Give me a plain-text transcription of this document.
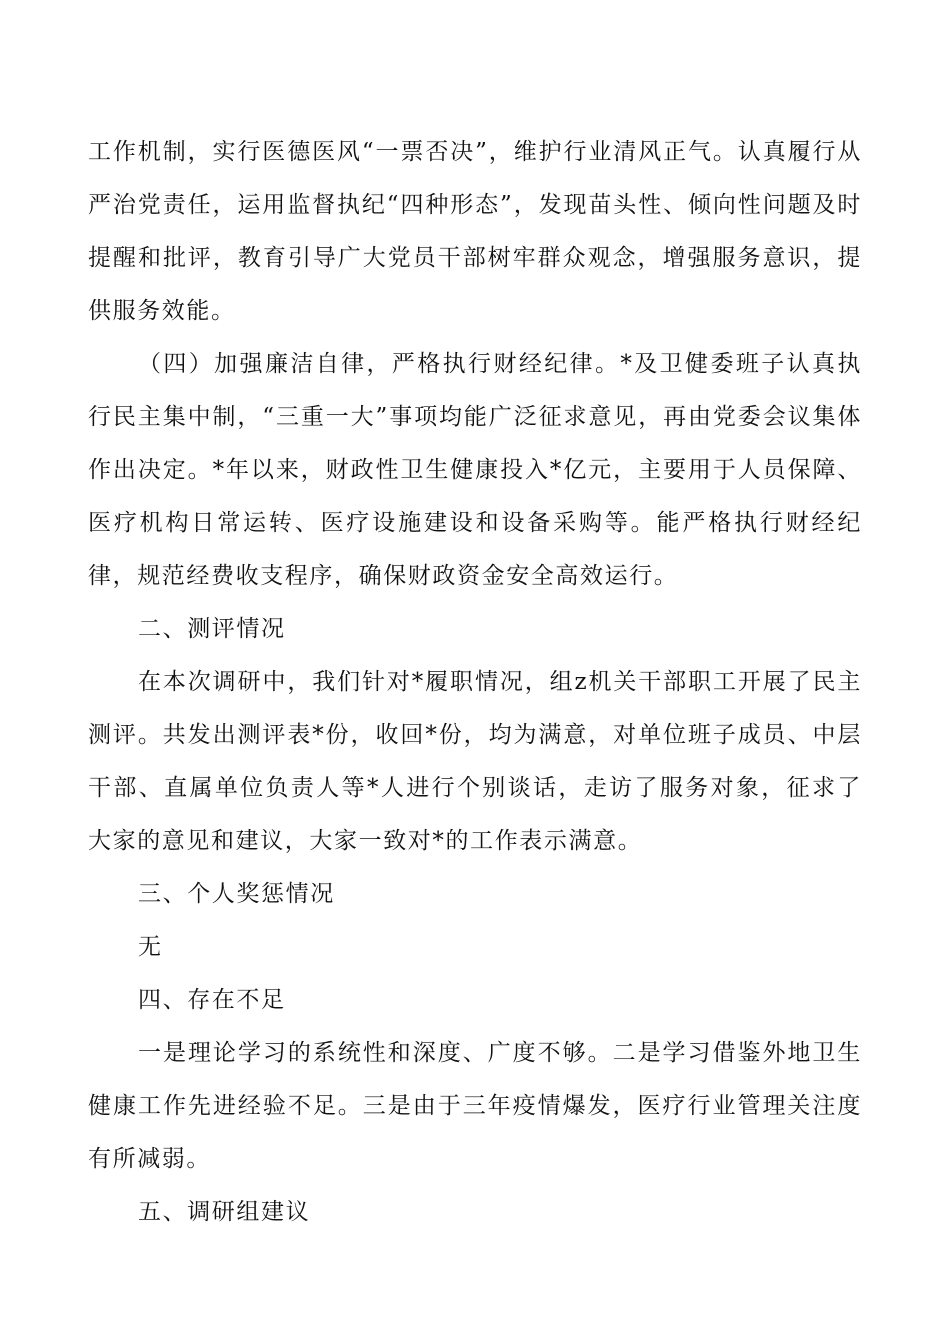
工作机制，实行医德医风“一票否决”，维护行业清风正气。认真履行从严治党责任，运用监督执纪“四种形态”，发现苗头性、倾向性问题及时提醒和批评，教育引导广大党员干部树牢群众观念，增强服务意识，提供服务效能。

（四）加强廉洁自律，严格执行财经纪律。*及卫健委班子认真执行民主集中制，“三重一大”事项均能广泛征求意见，再由党委会议集体作出决定。*年以来，财政性卫生健康投入*亿元，主要用于人员保障、医疗机构日常运转、医疗设施建设和设备采购等。能严格执行财经纪律，规范经费收支程序，确保财政资金安全高效运行。

二、测评情况

在本次调研中，我们针对*履职情况，组z机关干部职工开展了民主测评。共发出测评表*份，收回*份，均为满意，对单位班子成员、中层干部、直属单位负责人等*人进行个别谈话，走访了服务对象，征求了大家的意见和建议，大家一致对*的工作表示满意。

三、个人奖惩情况

无

四、存在不足

一是理论学习的系统性和深度、广度不够。二是学习借鉴外地卫生健康工作先进经验不足。三是由于三年疫情爆发，医疗行业管理关注度有所减弱。

五、调研组建议
